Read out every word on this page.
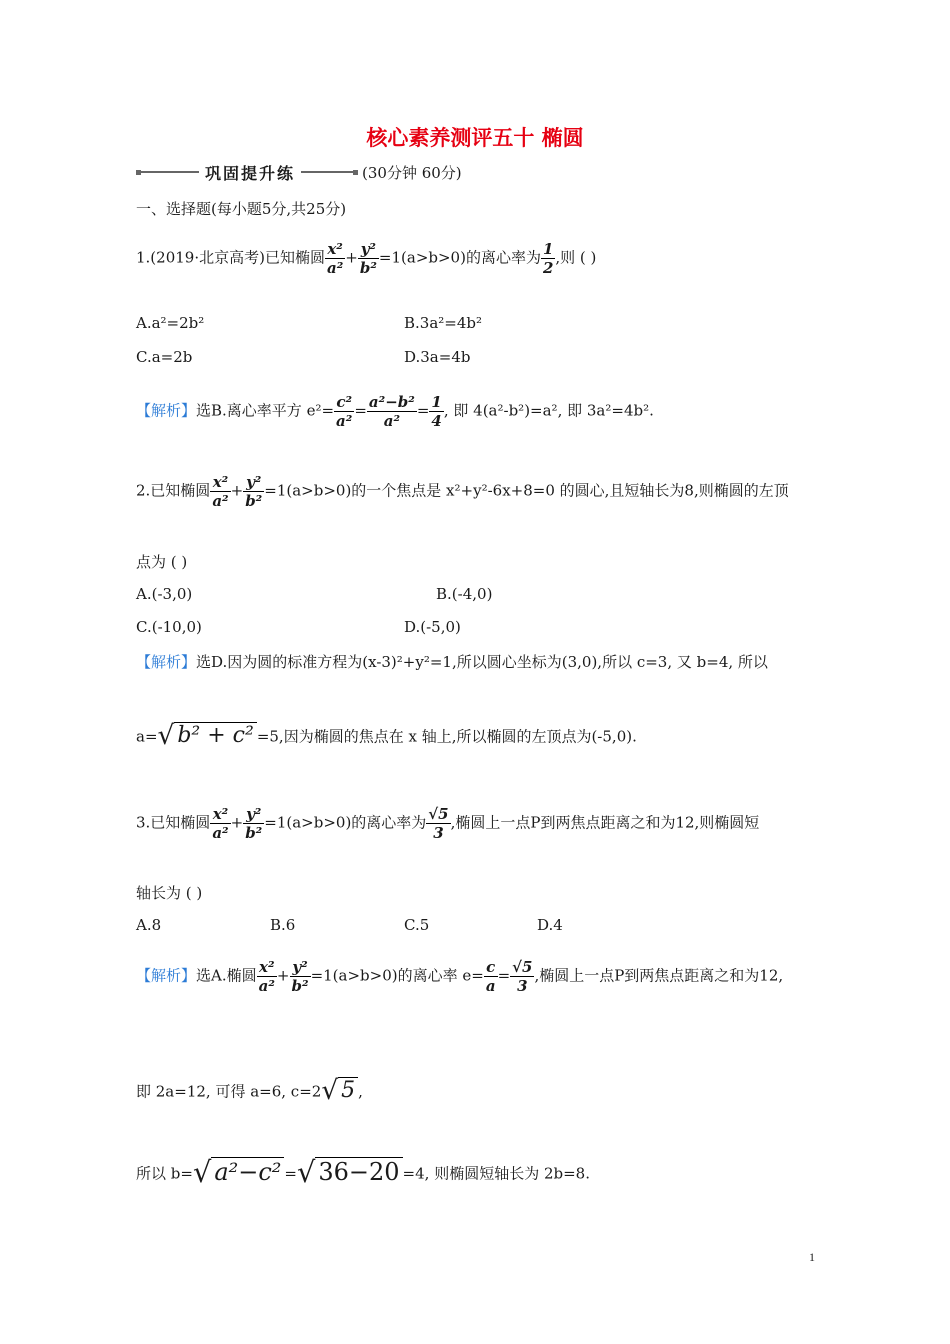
核心素养测评五十 椭圆
巩固提升练	(30分钟 60分)
一、选择题(每小题5分,共25分)
1.(2019·北京高考)已知椭圆 $\frac{\text{x²}}{\text{a²}} + \frac{\text{y²}}{\text{b²}} =1(a>b>0)$的离心率为 $\frac{1}{2}$ ,则 ( )
A.a²=2b²	B.3a²=4b²
C.a=2b	D.3a=4b
【解析】选B.离心率平方 $e^2= \frac{\text{c²}}{\text{a²}} = \frac{\text{a²−b²}}{\text{a²}} = \frac{1}{4}$ , 即 4(a²-b²)=a², 即 3a²=4b².
2.已知椭圆 $\frac{\text{x²}}{\text{a²}} + \frac{\text{y²}}{\text{b²}} =1(a>b>0)$的一个焦点是 x²+y²-6x+8=0 的圆心,且短轴长为8,则椭圆的左顶
点为 ( )
A.(-3,0)	B.(-4,0)
C.(-10,0)	D.(-5,0)
【解析】选D.因为圆的标准方程为(x-3)²+y²=1,所以圆心坐标为(3,0),所以 c=3, 又 b=4, 所以
a=√ b² + c² =5,因为椭圆的焦点在 x 轴上,所以椭圆的左顶点为(-5,0).
3.已知椭圆 $\frac{\text{x²}}{\text{a²}} + \frac{\text{y²}}{\text{b²}} =1(a>b>0)$的离心率为 $\frac{√5}{3}$ ,椭圆上一点P到两焦点距离之和为12,则椭圆短
轴长为 ( )
A.8	B.6	C.5	D.4
【解析】选A.椭圆 $\frac{\text{x²}}{\text{a²}} + \frac{\text{y²}}{\text{b²}} =1(a>b>0)$的离心率 $e= \frac{c}{a} = \frac{√5}{3}$ ,椭圆上一点P到两焦点距离之和为12,
即 2a=12, 可得 a=6, c=2√ 5 ,
所以 b=√ a²−c² =√ 36−20 =4, 则椭圆短轴长为 2b=8.
1
